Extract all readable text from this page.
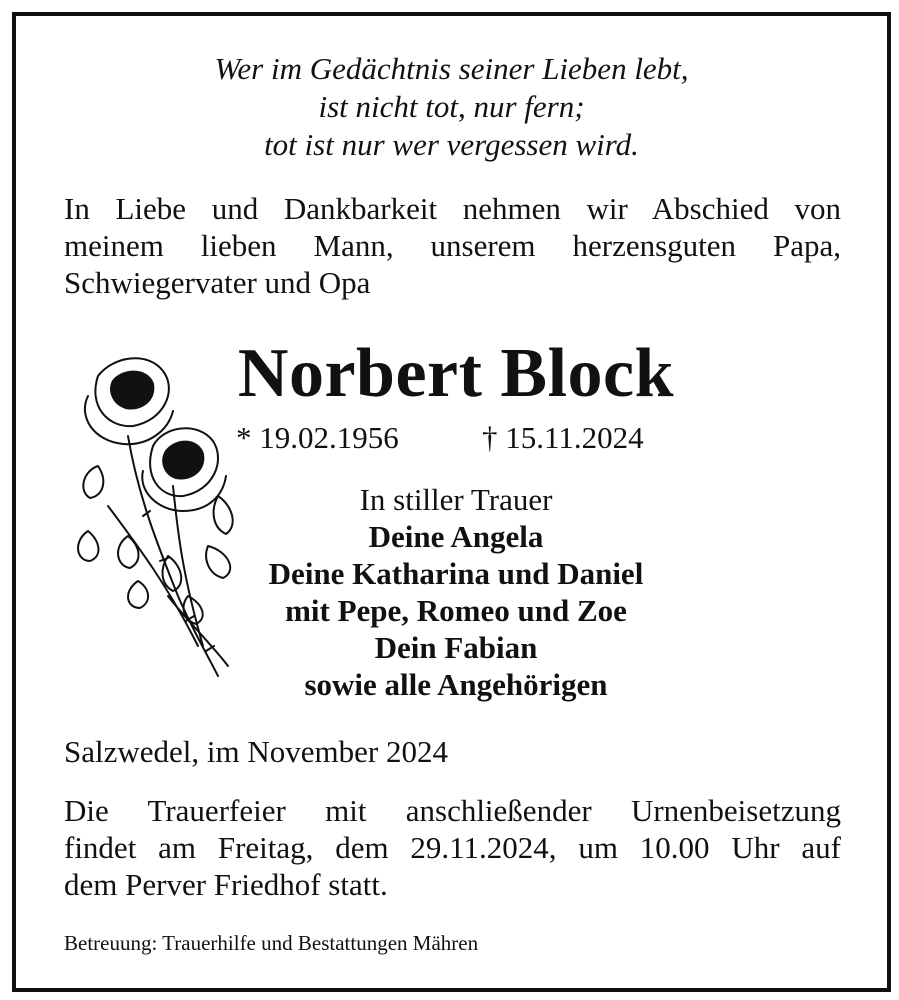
Wer im Gedächtnis seiner Lieben lebt,
ist nicht tot, nur fern;
tot ist nur wer vergessen wird.
In Liebe und Dankbarkeit nehmen wir Abschied von
meinem lieben Mann, unserem herzensguten Papa,
Schwiegervater und Opa
Norbert Block
* 19.02.1956	† 15.11.2024
In stiller Trauer
Deine Angela
Deine Katharina und Daniel
mit Pepe, Romeo und Zoe
Dein Fabian
sowie alle Angehörigen
Salzwedel, im November 2024
Die Trauerfeier mit anschließender Urnenbeisetzung
findet am Freitag, dem 29.11.2024, um 10.00 Uhr auf
dem Perver Friedhof statt.
Betreuung: Trauerhilfe und Bestattungen Mähren
